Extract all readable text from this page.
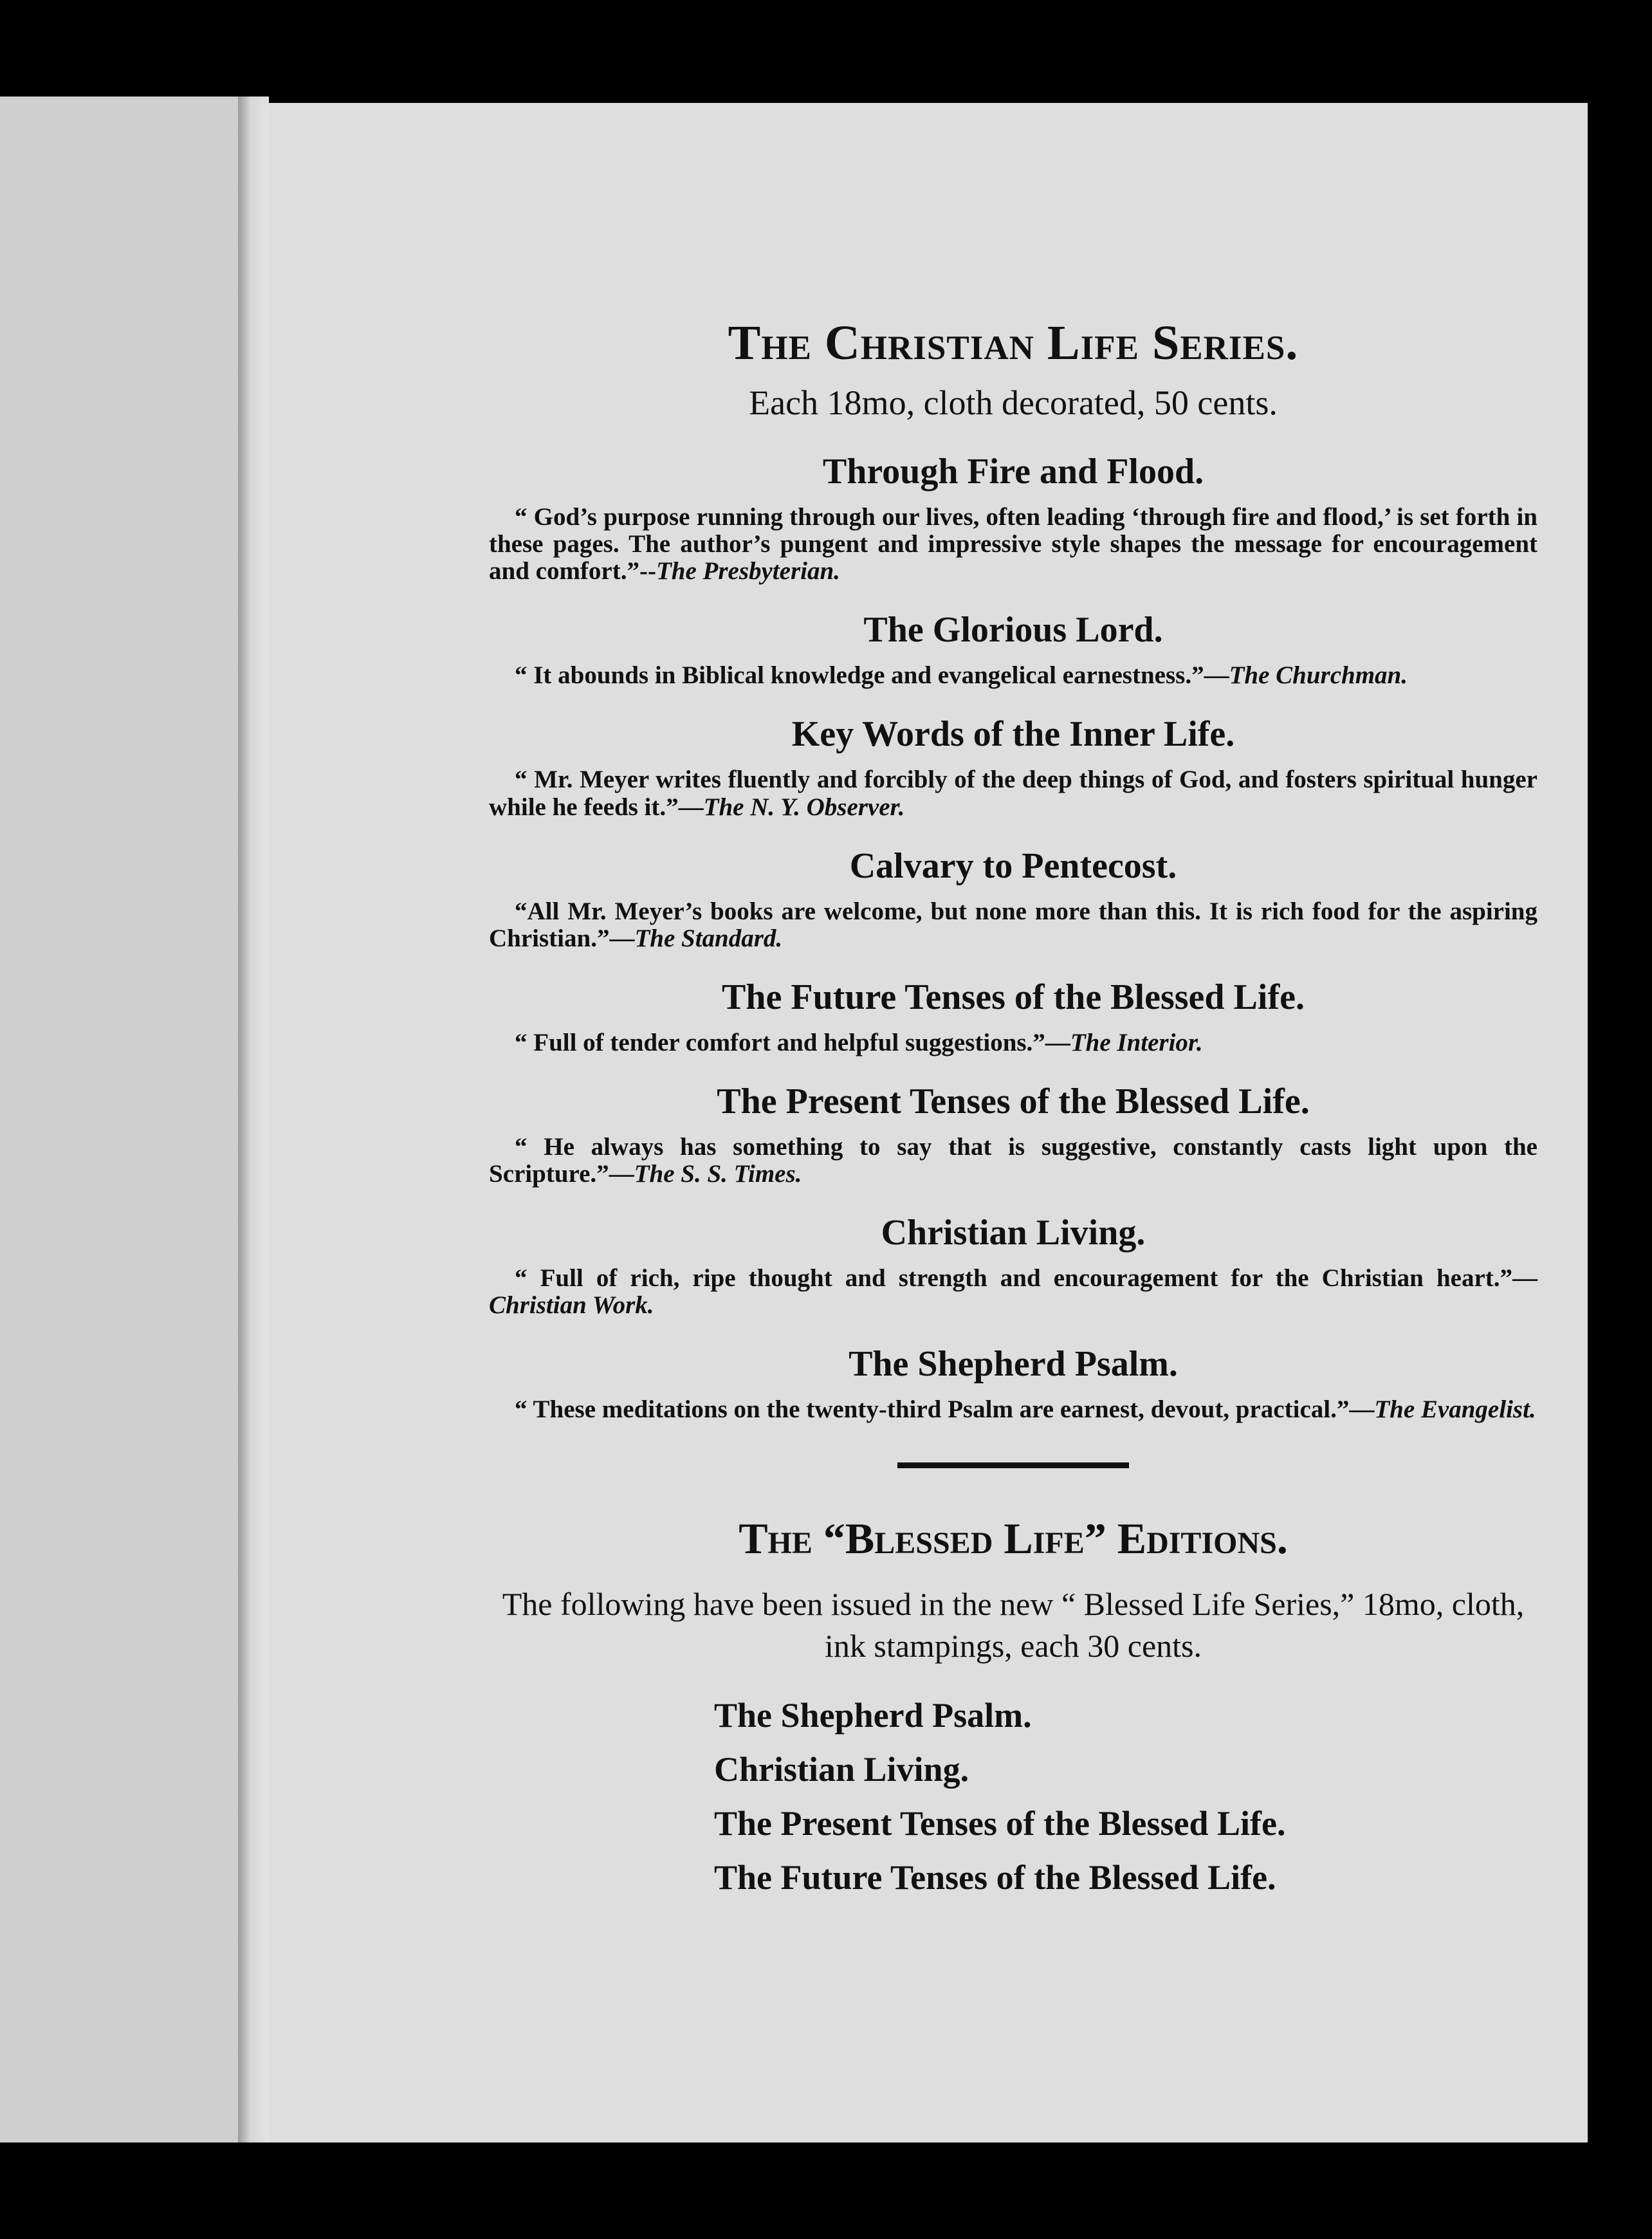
The Christian Life Series.
Each 18mo, cloth decorated, 50 cents.
Through Fire and Flood.

“ God’s purpose running through our lives, often leading ‘through fire and flood,’ is set forth in these pages. The author’s pungent and impressive style shapes the message for encouragement and comfort.”--The Presbyterian.

The Glorious Lord.

“ It abounds in Biblical knowledge and evangelical earnestness.”—The Churchman.

Key Words of the Inner Life.

“ Mr. Meyer writes fluently and forcibly of the deep things of God, and fosters spiritual hunger while he feeds it.”—The N. Y. Observer.

Calvary to Pentecost.

“All Mr. Meyer’s books are welcome, but none more than this. It is rich food for the aspiring Christian.”—The Standard.

The Future Tenses of the Blessed Life.

“ Full of tender comfort and helpful suggestions.”—The Interior.

The Present Tenses of the Blessed Life.

“ He always has something to say that is suggestive, constantly casts light upon the Scripture.”—The S. S. Times.

Christian Living.

“ Full of rich, ripe thought and strength and encouragement for the Christian heart.”—Christian Work.

The Shepherd Psalm.

“ These meditations on the twenty-third Psalm are earnest, devout, practical.”—The Evangelist.

The “Blessed Life” Editions.
The following have been issued in the new “ Blessed Life Series,” 18mo, cloth, ink stampings, each 30 cents.
The Shepherd Psalm.
Christian Living.
The Present Tenses of the Blessed Life.
The Future Tenses of the Blessed Life.
